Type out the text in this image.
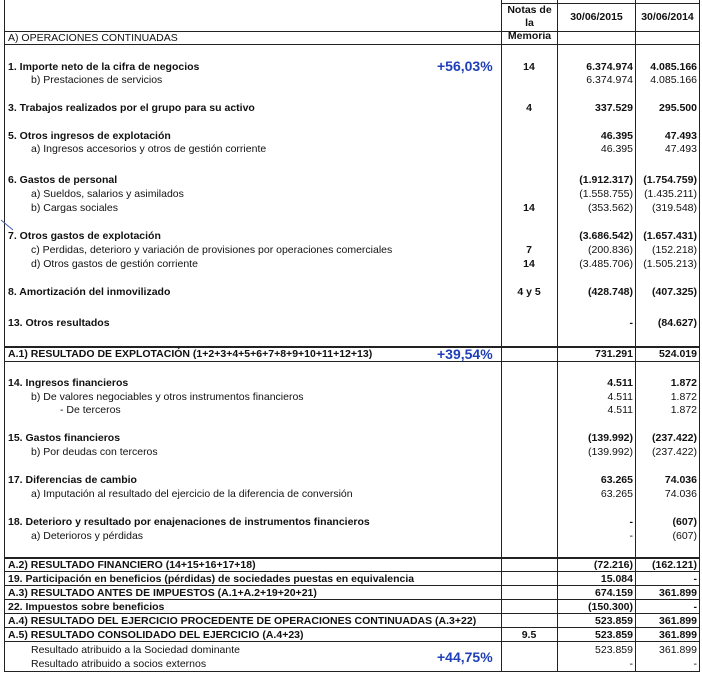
Notas de la
Memoria
30/06/2015	30/06/2014
A) OPERACIONES CONTINUADAS
1. Importe neto de la cifra de negocios	14	6.374.974	4.085.166
b) Prestaciones de servicios	6.374.974	4.085.166
3. Trabajos realizados por el grupo para su activo	4	337.529	295.500
5. Otros ingresos de explotación	46.395	47.493
a) Ingresos accesorios y otros de gestión corriente	46.395	47.493
6. Gastos de personal	(1.912.317) (1.754.759)
a) Sueldos, salarios y asimilados	(1.558.755)	(1.435.211)
b) Cargas sociales	14	(353.562)	(319.548)
7. Otros gastos de explotación	(3.686.542) (1.657.431)
c) Perdidas, deterioro y variación de provisiones por operaciones comerciales	7	(200.836)	(152.218)
d) Otros gastos de gestión corriente	14	(3.485.706) (1.505.213)
8. Amortización del inmovilizado	4 y 5	(428.748)	(407.325)
13. Otros resultados	-	(84.627)
A.1) RESULTADO DE EXPLOTACIÓN (1+2+3+4+5+6+7+8+9+10+11+12+13)	731.291	524.019
14. Ingresos financieros	4.511	1.872
b) De valores negociables y otros instrumentos financieros	4.511	1.872
- De terceros	4.511	1.872
15. Gastos financieros	(139.992)	(237.422)
b) Por deudas con terceros	(139.992)	(237.422)
17. Diferencias de cambio	63.265	74.036
a) Imputación al resultado del ejercicio de la diferencia de conversión	63.265	74.036
18. Deterioro y resultado por enajenaciones de instrumentos financieros	-	(607)
a) Deterioros y pérdidas	-	(607)
A.2) RESULTADO FINANCIERO (14+15+16+17+18)	(72.216)	(162.121)
19. Participación en beneficios (pérdidas) de sociedades puestas en equivalencia	15.084	-
A.3) RESULTADO ANTES DE IMPUESTOS (A.1+A.2+19+20+21)	674.159	361.899
22. Impuestos sobre beneficios	(150.300)	-
A.4) RESULTADO DEL EJERCICIO PROCEDENTE DE OPERACIONES CONTINUADAS (A.3+22)	523.859	361.899
A.5) RESULTADO CONSOLIDADO DEL EJERCICIO (A.4+23)	9.5	523.859	361.899
Resultado atribuido a la Sociedad dominante	523.859	361.899
Resultado atribuido a socios externos	-	-
+56,03%
+39,54%
+44,75%
